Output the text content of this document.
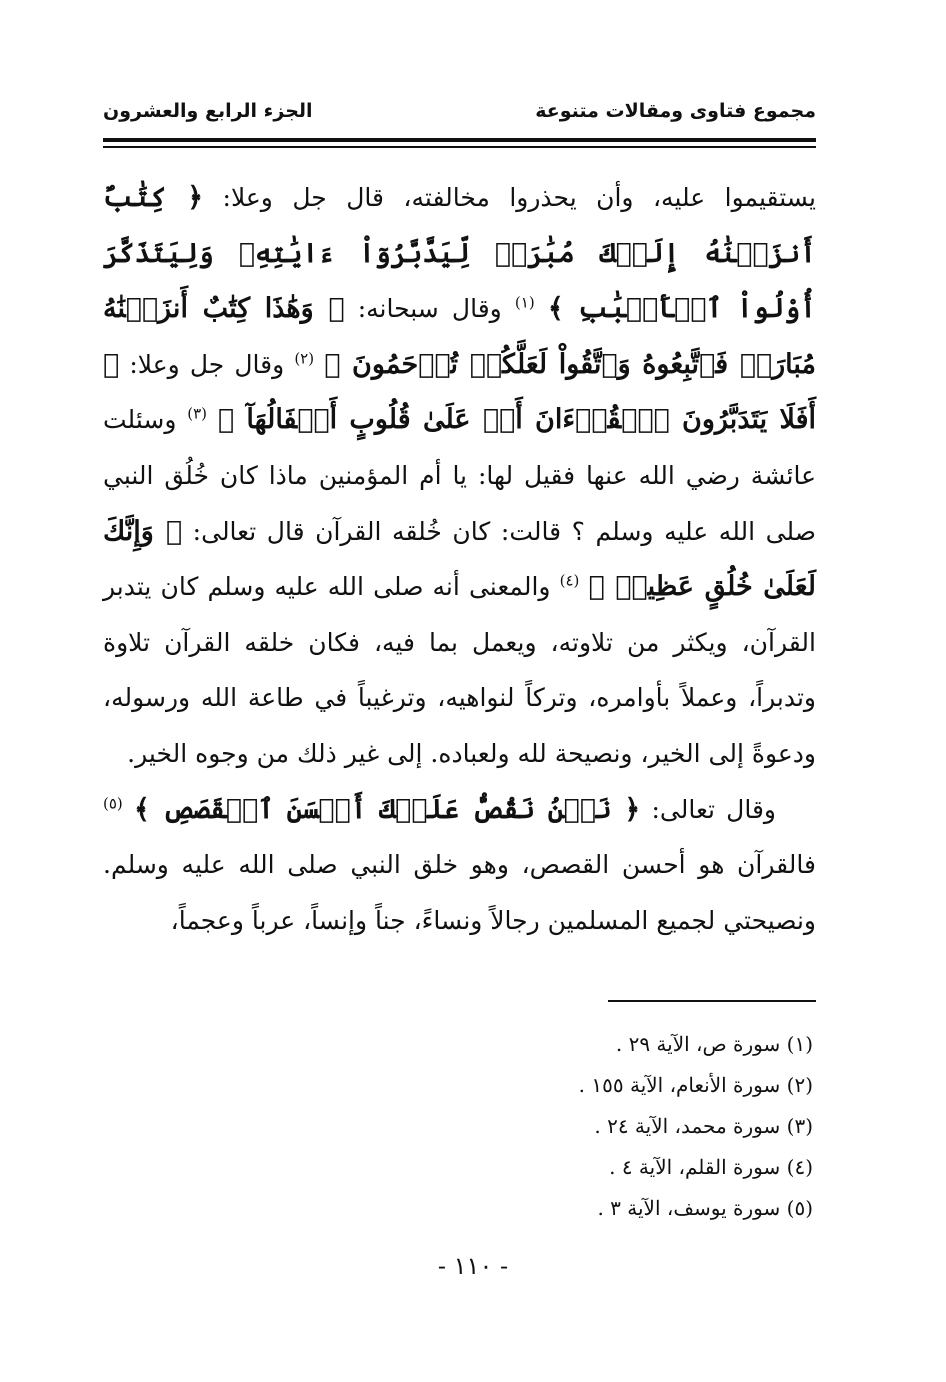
مجموع فتاوى ومقالات متنوعة
الجزء الرابع والعشرون

يستقيموا عليه، وأن يحذروا مخالفته، قال جل وعلا: ﴿ كِتَٰبٌ أَنزَلۡنَٰهُ إِلَيۡكَ مُبَٰرَكٞ لِّيَدَّبَّرُوٓاْ ءَايَٰتِهِۦ وَلِيَتَذَكَّرَ أُوْلُواْ ٱلۡأَلۡبَٰبِ ﴾ $^{(١)}$ وقال سبحانه: ﴿ وَهَٰذَا كِتَٰبٌ أَنزَلۡنَٰهُ مُبَارَكٞ فَٱتَّبِعُوهُ وَٱتَّقُواْ لَعَلَّكُمۡ تُرۡحَمُونَ ﴾ $^{(٢)}$ وقال جل وعلا: ﴿ أَفَلَا يَتَدَبَّرُونَ ٱلۡقُرۡءَانَ أَمۡ عَلَىٰ قُلُوبٍ أَقۡفَالُهَآ ﴾ $^{(٣)}$ وسئلت عائشة رضي الله عنها فقيل لها: يا أم المؤمنين ماذا كان خُلُق النبي صلى الله عليه وسلم ؟ قالت: كان خُلقه القرآن قال تعالى: ﴿ وَإِنَّكَ لَعَلَىٰ خُلُقٍ عَظِيمٖ ﴾ $^{(٤)}$ والمعنى أنه صلى الله عليه وسلم كان يتدبر القرآن، ويكثر من تلاوته، ويعمل بما فيه، فكان خلقه القرآن تلاوة وتدبراً، وعملاً بأوامره، وتركاً لنواهيه، وترغيباً في طاعة الله ورسوله، ودعوةً إلى الخير، ونصيحة لله ولعباده. إلى غير ذلك من وجوه الخير.

وقال تعالى: ﴿ نَحۡنُ نَقُصُّ عَلَيۡكَ أَحۡسَنَ ٱلۡقَصَصِ ﴾ $^{(٥)}$ فالقرآن هو أحسن القصص، وهو خلق النبي صلى الله عليه وسلم. ونصيحتي لجميع المسلمين رجالاً ونساءً، جناً وإنساً، عرباً وعجماً،

(١) سورة ص، الآية ٢٩ .
(٢) سورة الأنعام، الآية ١٥٥ .
(٣) سورة محمد، الآية ٢٤ .
(٤) سورة القلم، الآية ٤ .
(٥) سورة يوسف، الآية ٣ .
- ١١٠ -
